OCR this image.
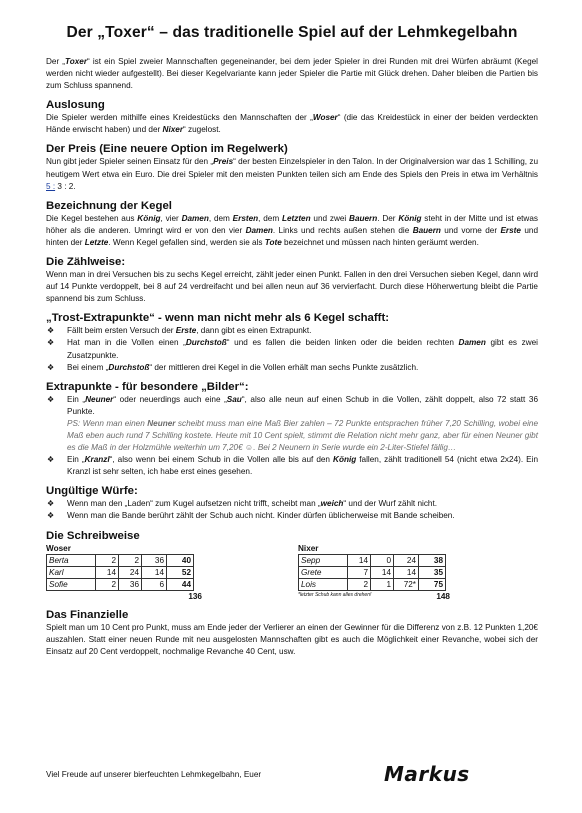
Der „Toxer“ – das traditionelle Spiel auf der Lehmkegelbahn

Der „Toxer“ ist ein Spiel zweier Mannschaften gegeneinander, bei dem jeder Spieler in drei Runden mit drei Würfen abräumt (Kegel werden nicht wieder aufgestellt). Bei dieser Kegelvariante kann jeder Spieler die Partie mit Glück drehen. Daher bleiben die Partien bis zum Schluss spannend.

Auslosung

Die Spieler werden mithilfe eines Kreidestücks den Mannschaften der „Woser“ (die das Kreidestück in einer der beiden verdeckten Hände erwischt haben) und der Nixer“ zugelost.

Der Preis (Eine neuere Option im Regelwerk)

Nun gibt jeder Spieler seinen Einsatz für den „Preis“ der besten Einzelspieler in den Talon. In der Originalversion war das 1 Schilling, zu heutigem Wert etwa ein Euro. Die drei Spieler mit den meisten Punkten teilen sich am Ende des Spiels den Preis in etwa im Verhältnis 5 : 3 : 2.

Bezeichnung der Kegel

Die Kegel bestehen aus König, vier Damen, dem Ersten, dem Letzten und zwei Bauern. Der König steht in der Mitte und ist etwas höher als die anderen. Umringt wird er von den vier Damen. Links und rechts außen stehen die Bauern und vorne der Erste und hinten der Letzte. Wenn Kegel gefallen sind, werden sie als Tote bezeichnet und müssen nach hinten geräumt werden.

Die Zählweise:

Wenn man in drei Versuchen bis zu sechs Kegel erreicht, zählt jeder einen Punkt. Fallen in den drei Versuchen sieben Kegel, dann wird auf 14 Punkte verdoppelt, bei 8 auf 24 verdreifacht und bei allen neun auf 36 vervierfacht. Durch diese Höherwertung bleibt die Partie spannend bis zum Schluss.

„Trost-Extrapunkte“ - wenn man nicht mehr als 6 Kegel schafft:
❖	Fällt beim ersten Versuch der Erste, dann gibt es einen Extrapunkt.
❖	Hat man in die Vollen einen „Durchstoß“ und es fallen die beiden linken oder die beiden rechten Damen gibt es zwei Zusatzpunkte.
❖	Bei einem „Durchstoß“ der mittleren drei Kegel in die Vollen erhält man sechs Punkte zusätzlich.
Extrapunkte - für besondere „Bilder“:
❖	Ein „Neuner“ oder neuerdings auch eine „Sau“, also alle neun auf einen Schub in die Vollen, zählt doppelt, also 72 statt 36 Punkte.
PS: Wenn man einen Neuner scheibt muss man eine Maß Bier zahlen – 72 Punkte entsprachen früher 7,20 Schilling, wobei eine Maß eben auch rund 7 Schilling kostete. Heute mit 10 Cent spielt, stimmt die Relation nicht mehr ganz, aber für einen Neuner gibt es die Maß in der Holzmühle weiterhin um 7,20€ ☺. Bei 2 Neunern in Serie wurde ein 2-Liter-Stiefel fällig…
❖	Ein „Kranzl“, also wenn bei einem Schub in die Vollen alle bis auf den König fallen, zählt traditionell 54 (nicht etwa 2x24). Ein Kranzl ist sehr selten, ich habe erst eines gesehen.
Ungültige Würfe:
❖	Wenn man den „Laden“ zum Kugel aufsetzen nicht trifft, scheibt man „weich“ und der Wurf zählt nicht.
❖	Wenn man die Bande berührt zählt der Schub auch nicht. Kinder dürfen üblicherweise mit Bande scheiben.
Die Schreibweise
Woser
Berta	2	2	36	40
Karl	14	24	14	52
Sofie	2	36	6	44
136
Nixer
Sepp	14	0	24	38
Grete	7	14	14	35
Lois	2	1	72*	75
*letzter Schub kann alles drehen!	148
Das Finanzielle

Spielt man um 10 Cent pro Punkt, muss am Ende jeder der Verlierer an einen der Gewinner für die Differenz von z.B. 12 Punkten 1,20€ auszahlen. Statt einer neuen Runde mit neu ausgelosten Mannschaften gibt es auch die Möglichkeit einer Revanche, wobei sich der Einsatz auf 20 Cent verdoppelt, nochmalige Revanche 40 Cent, usw.

Viel Freude auf unserer bierfeuchten Lehmkegelbahn, Euer	Markus
